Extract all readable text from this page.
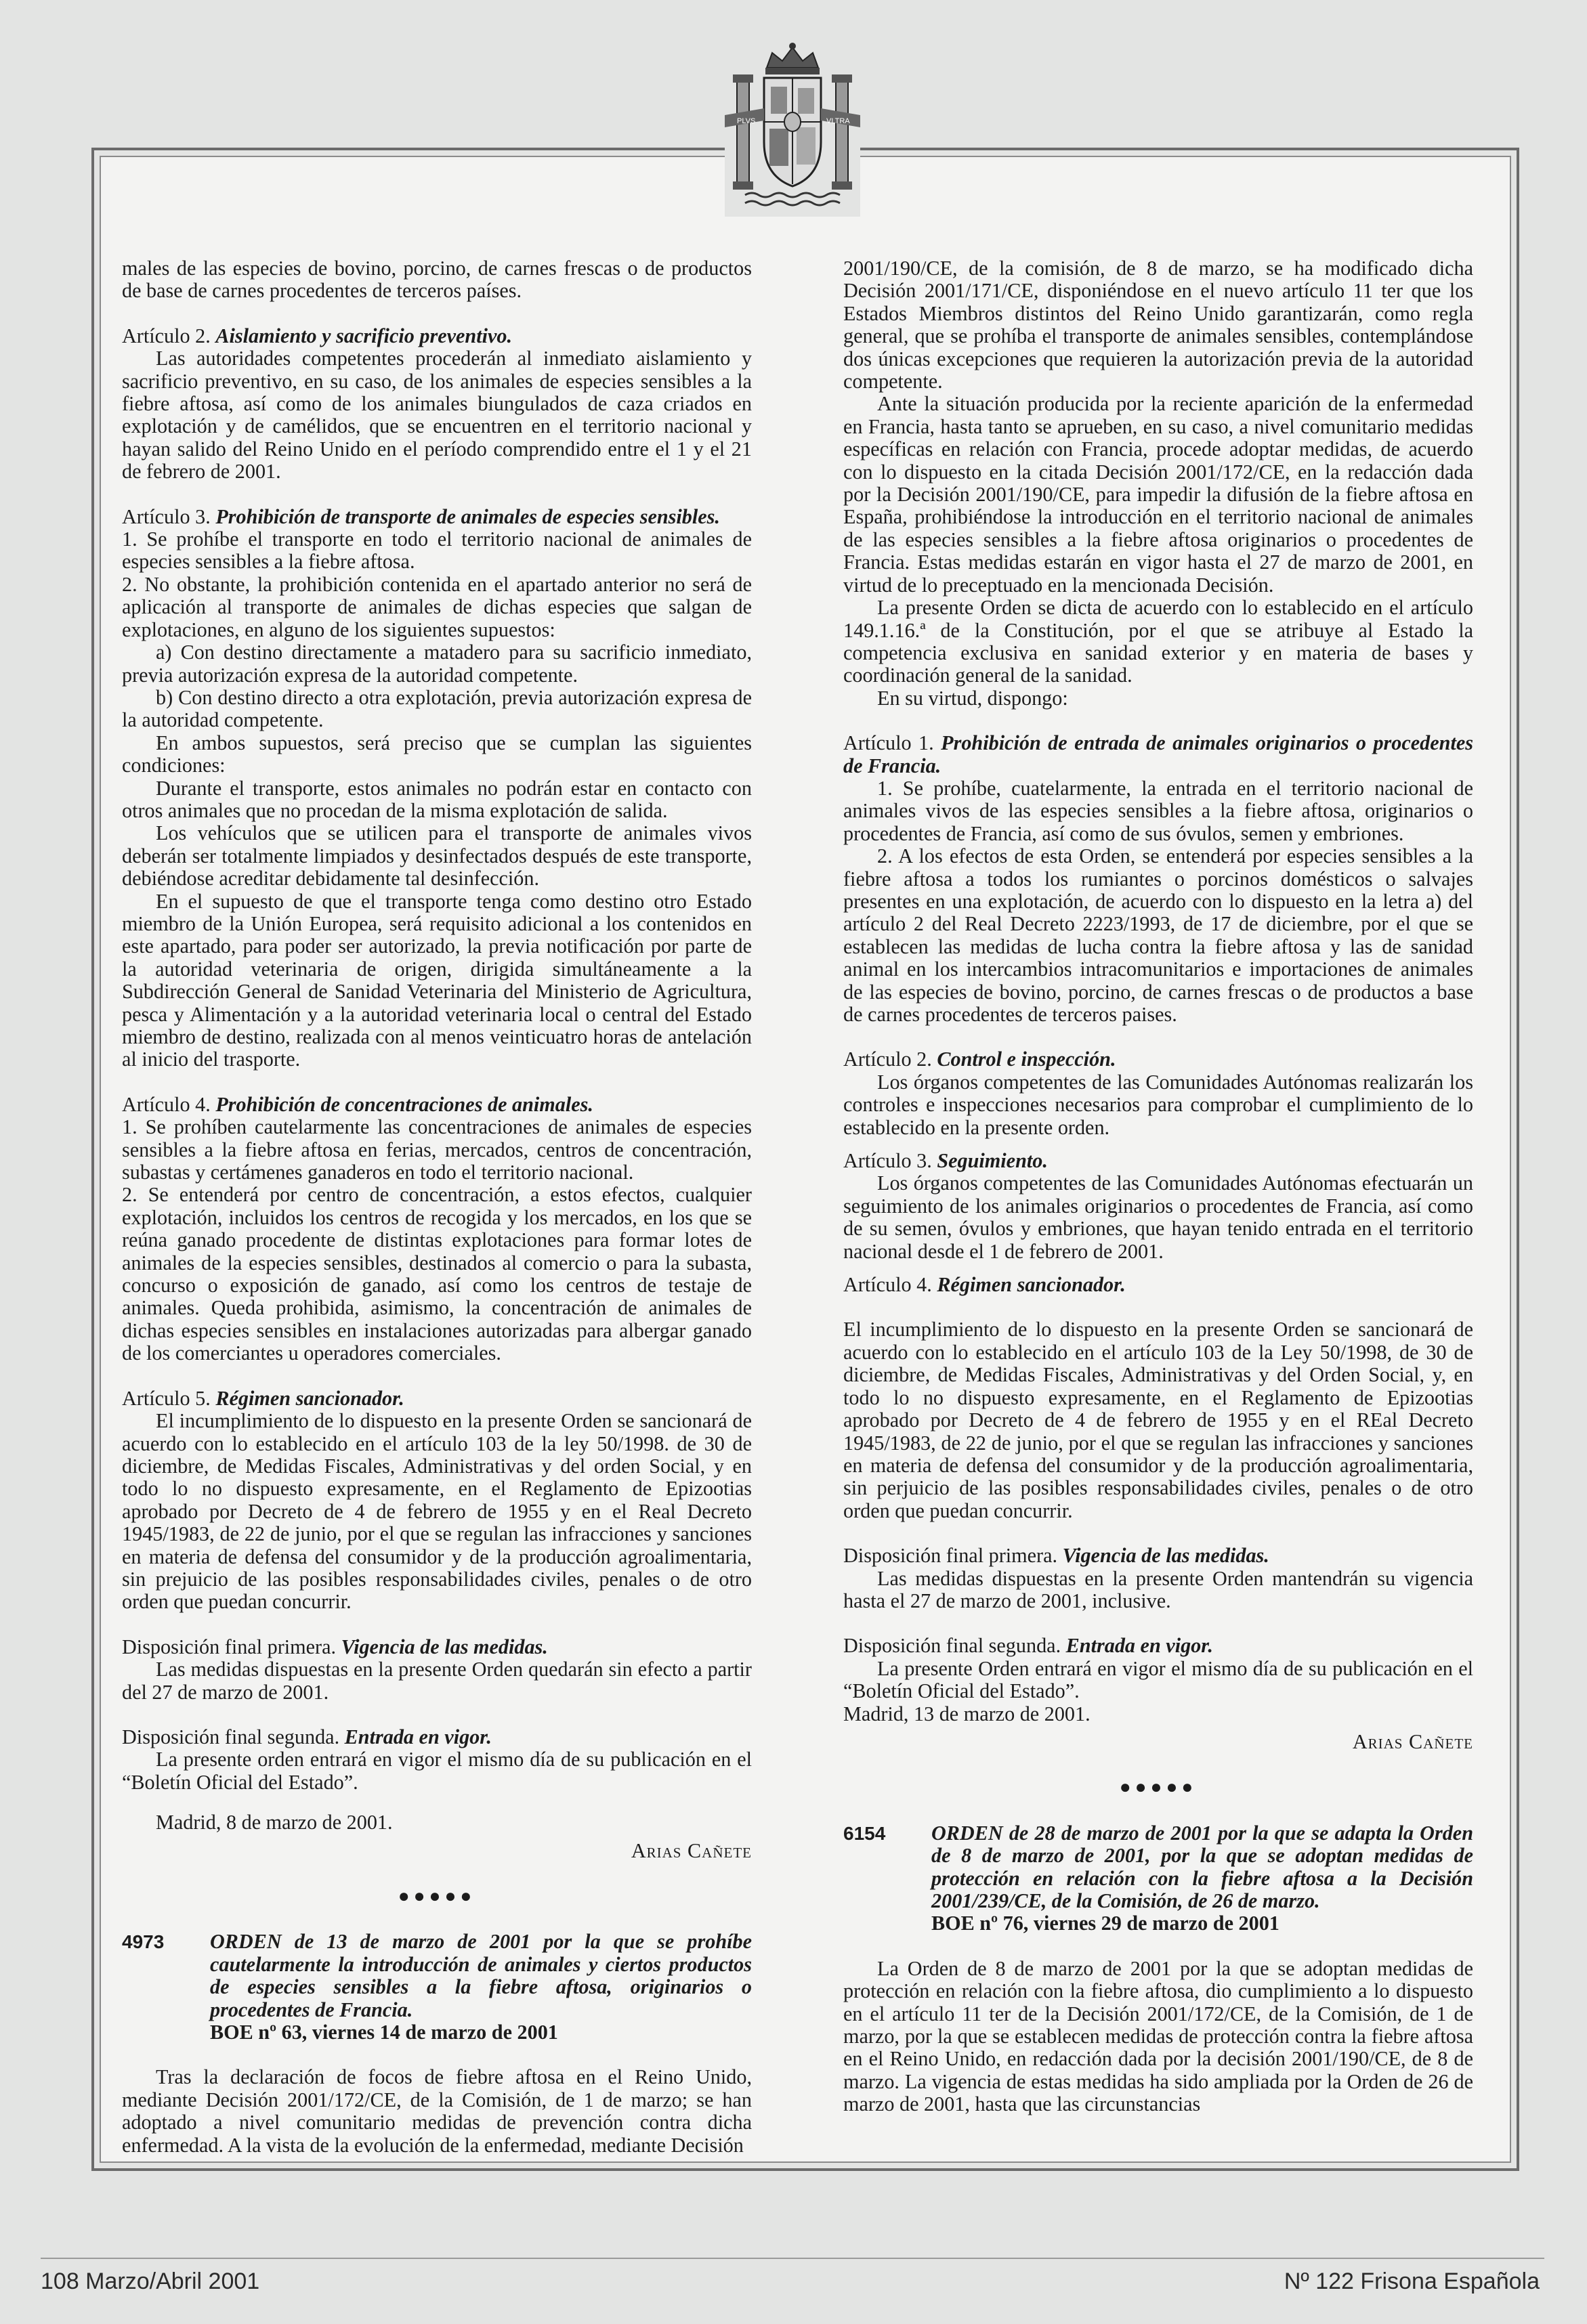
PLVS	VLTRA

males de las especies de bovino, porcino, de carnes frescas o de productos de base de carnes procedentes de terceros países.

Artículo 2. Aislamiento y sacrificio preventivo.

Las autoridades competentes procederán al inmediato aislamiento y sacrificio preventivo, en su caso, de los animales de especies sensibles a la fiebre aftosa, así como de los animales biungulados de caza criados en explotación y de camélidos, que se encuentren en el territorio nacional y hayan salido del Reino Unido en el período comprendido entre el 1 y el 21 de febrero de 2001.

Artículo 3. Prohibición de transporte de animales de especies sensibles.

1. Se prohíbe el transporte en todo el territorio nacional de animales de especies sensibles a la fiebre aftosa.

2. No obstante, la prohibición contenida en el apartado anterior no será de aplicación al transporte de animales de dichas especies que salgan de explotaciones, en alguno de los siguientes supuestos:

a) Con destino directamente a matadero para su sacrificio inmediato, previa autorización expresa de la autoridad competente.

b) Con destino directo a otra explotación, previa autorización expresa de la autoridad competente.

En ambos supuestos, será preciso que se cumplan las siguientes condiciones:

Durante el transporte, estos animales no podrán estar en contacto con otros animales que no procedan de la misma explotación de salida.

Los vehículos que se utilicen para el transporte de animales vivos deberán ser totalmente limpiados y desinfectados después de este transporte, debiéndose acreditar debidamente tal desinfección.

En el supuesto de que el transporte tenga como destino otro Estado miembro de la Unión Europea, será requisito adicional a los contenidos en este apartado, para poder ser autorizado, la previa notificación por parte de la autoridad veterinaria de origen, dirigida simultáneamente a la Subdirección General de Sanidad Veterinaria del Ministerio de Agricultura, pesca y Alimentación y a la autoridad veterinaria local o central del Estado miembro de destino, realizada con al menos veinticuatro horas de antelación al inicio del trasporte.

Artículo 4. Prohibición de concentraciones de animales.

1. Se prohíben cautelarmente las concentraciones de animales de especies sensibles a la fiebre aftosa en ferias, mercados, centros de concentración, subastas y certámenes ganaderos en todo el territorio nacional.

2. Se entenderá por centro de concentración, a estos efectos, cualquier explotación, incluidos los centros de recogida y los mercados, en los que se reúna ganado procedente de distintas explotaciones para formar lotes de animales de la especies sensibles, destinados al comercio o para la subasta, concurso o exposición de ganado, así como los centros de testaje de animales. Queda prohibida, asimismo, la concentración de animales de dichas especies sensibles en instalaciones autorizadas para albergar ganado de los comerciantes u operadores comerciales.

Artículo 5. Régimen sancionador.

El incumplimiento de lo dispuesto en la presente Orden se sancionará de acuerdo con lo establecido en el artículo 103 de la ley 50/1998. de 30 de diciembre, de Medidas Fiscales, Administrativas y del orden Social, y en todo lo no dispuesto expresamente, en el Reglamento de Epizootias aprobado por Decreto de 4 de febrero de 1955 y en el Real Decreto 1945/1983, de 22 de junio, por el que se regulan las infracciones y sanciones en materia de defensa del consumidor y de la producción agroalimentaria, sin prejuicio de las posibles responsabilidades civiles, penales o de otro orden que puedan concurrir.

Disposición final primera. Vigencia de las medidas.

Las medidas dispuestas en la presente Orden quedarán sin efecto a partir del 27 de marzo de 2001.

Disposición final segunda. Entrada en vigor.

La presente orden entrará en vigor el mismo día de su publicación en el “Boletín Oficial del Estado”.

Madrid, 8 de marzo de 2001.

Arias Cañete

●●●●●

4973	ORDEN de 13 de marzo de 2001 por la que se prohíbe cautelarmente la introducción de animales y ciertos productos de especies sensibles a la fiebre aftosa, originarios o procedentes de Francia.
BOE nº 63, viernes 14 de marzo de 2001

Tras la declaración de focos de fiebre aftosa en el Reino Unido, mediante Decisión 2001/172/CE, de la Comisión, de 1 de marzo; se han adoptado a nivel comunitario medidas de prevención contra dicha enfermedad. A la vista de la evolución de la enfermedad, mediante Decisión

2001/190/CE, de la comisión, de 8 de marzo, se ha modificado dicha Decisión 2001/171/CE, disponiéndose en el nuevo artículo 11 ter que los Estados Miembros distintos del Reino Unido garantizarán, como regla general, que se prohíba el transporte de animales sensibles, contemplándose dos únicas excepciones que requieren la autorización previa de la autoridad competente.

Ante la situación producida por la reciente aparición de la enfermedad en Francia, hasta tanto se aprueben, en su caso, a nivel comunitario medidas específicas en relación con Francia, procede adoptar medidas, de acuerdo con lo dispuesto en la citada Decisión 2001/172/CE, en la redacción dada por la Decisión 2001/190/CE, para impedir la difusión de la fiebre aftosa en España, prohibiéndose la introducción en el territorio nacional de animales de las especies sensibles a la fiebre aftosa originarios o procedentes de Francia. Estas medidas estarán en vigor hasta el 27 de marzo de 2001, en virtud de lo preceptuado en la mencionada Decisión.

La presente Orden se dicta de acuerdo con lo establecido en el artículo 149.1.16.ª de la Constitución, por el que se atribuye al Estado la competencia exclusiva en sanidad exterior y en materia de bases y coordinación general de la sanidad.

En su virtud, dispongo:

Artículo 1. Prohibición de entrada de animales originarios o procedentes de Francia.

1. Se prohíbe, cuatelarmente, la entrada en el territorio nacional de animales vivos de las especies sensibles a la fiebre aftosa, originarios o procedentes de Francia, así como de sus óvulos, semen y embriones.

2. A los efectos de esta Orden, se entenderá por especies sensibles a la fiebre aftosa a todos los rumiantes o porcinos domésticos o salvajes presentes en una explotación, de acuerdo con lo dispuesto en la letra a) del artículo 2 del Real Decreto 2223/1993, de 17 de diciembre, por el que se establecen las medidas de lucha contra la fiebre aftosa y las de sanidad animal en los intercambios intracomunitarios e importaciones de animales de las especies de bovino, porcino, de carnes frescas o de productos a base de carnes procedentes de terceros paises.

Artículo 2. Control e inspección.

Los órganos competentes de las Comunidades Autónomas realizarán los controles e inspecciones necesarios para comprobar el cumplimiento de lo establecido en la presente orden.

Artículo 3. Seguimiento.

Los órganos competentes de las Comunidades Autónomas efectuarán un seguimiento de los animales originarios o procedentes de Francia, así como de su semen, óvulos y embriones, que hayan tenido entrada en el territorio nacional desde el 1 de febrero de 2001.

Artículo 4. Régimen sancionador.

El incumplimiento de lo dispuesto en la presente Orden se sancionará de acuerdo con lo establecido en el artículo 103 de la Ley 50/1998, de 30 de diciembre, de Medidas Fiscales, Administrativas y del Orden Social, y, en todo lo no dispuesto expresamente, en el Reglamento de Epizootias aprobado por Decreto de 4 de febrero de 1955 y en el REal Decreto 1945/1983, de 22 de junio, por el que se regulan las infracciones y sanciones en materia de defensa del consumidor y de la producción agroalimentaria, sin perjuicio de las posibles responsabilidades civiles, penales o de otro orden que puedan concurrir.

Disposición final primera. Vigencia de las medidas.

Las medidas dispuestas en la presente Orden mantendrán su vigencia hasta el 27 de marzo de 2001, inclusive.

Disposición final segunda. Entrada en vigor.

La presente Orden entrará en vigor el mismo día de su publicación en el “Boletín Oficial del Estado”.

Madrid, 13 de marzo de 2001.

Arias Cañete

●●●●●

6154	ORDEN de 28 de marzo de 2001 por la que se adapta la Orden de 8 de marzo de 2001, por la que se adoptan medidas de protección en relación con la fiebre aftosa a la Decisión 2001/239/CE, de la Comisión, de 26 de marzo.
BOE nº 76, viernes 29 de marzo de 2001

La Orden de 8 de marzo de 2001 por la que se adoptan medidas de protección en relación con la fiebre aftosa, dio cumplimiento a lo dispuesto en el artículo 11 ter de la Decisión 2001/172/CE, de la Comisión, de 1 de marzo, por la que se establecen medidas de protección contra la fiebre aftosa en el Reino Unido, en redacción dada por la decisión 2001/190/CE, de 8 de marzo. La vigencia de estas medidas ha sido ampliada por la Orden de 26 de marzo de 2001, hasta que las circunstancias

108 Marzo/Abril 2001	Nº 122 Frisona Española
